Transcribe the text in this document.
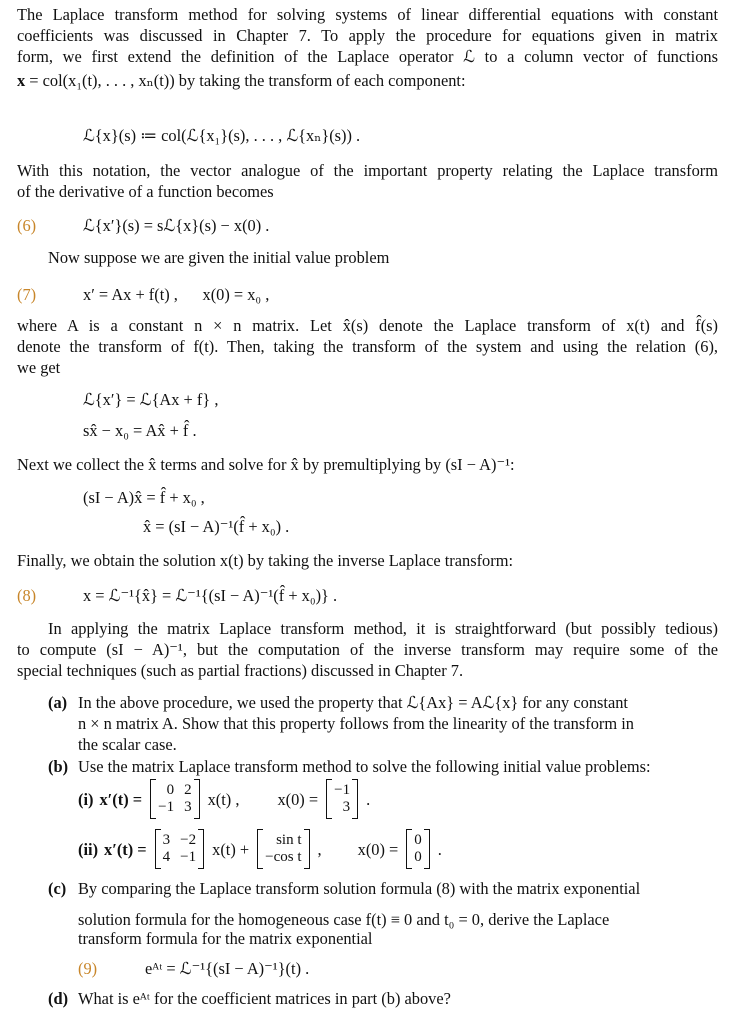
The Laplace transform method for solving systems of linear differential equations with constant
coefficients was discussed in Chapter 7. To apply the procedure for equations given in matrix
form, we first extend the definition of the Laplace operator ℒ to a column vector of functions
x = col(x₁(t), . . . , xₙ(t)) by taking the transform of each component:
ℒ{x}(s) ≔ col(ℒ{x₁}(s), . . . , ℒ{xₙ}(s)) .
With this notation, the vector analogue of the important property relating the Laplace transform
of the derivative of a function becomes
(6)	ℒ{x′}(s) = sℒ{x}(s) − x(0) .
Now suppose we are given the initial value problem
(7)	x′ = Ax + f(t) ,      x(0) = x₀ ,
where A is a constant n × n matrix. Let x̂(s) denote the Laplace transform of x(t) and f̂(s)
denote the transform of f(t). Then, taking the transform of the system and using the relation (6),
we get
ℒ{x′} = ℒ{Ax + f} ,
sx̂ − x₀ = Ax̂ + f̂ .
Next we collect the x̂ terms and solve for x̂ by premultiplying by (sI − A)⁻¹:
(sI − A)x̂ = f̂ + x₀ ,
x̂ = (sI − A)⁻¹(f̂ + x₀) .
Finally, we obtain the solution x(t) by taking the inverse Laplace transform:
(8)	x = ℒ⁻¹{x̂} = ℒ⁻¹{(sI − A)⁻¹(f̂ + x₀)} .
In applying the matrix Laplace transform method, it is straightforward (but possibly tedious)
to compute (sI − A)⁻¹, but the computation of the inverse transform may require some of the
special techniques (such as partial fractions) discussed in Chapter 7.
(a) In the above procedure, we used the property that ℒ{Ax} = Aℒ{x} for any constant
n × n matrix A. Show that this property follows from the linearity of the transform in
the scalar case.
(b) Use the matrix Laplace transform method to solve the following initial value problems:
(i) x′(t) =	0 2
−1 3 x(t) , x(0) = −1
3 .
(ii) x′(t) = 3 −2
4 −1 x(t) +	sin t
−cos t , x(0) = 0
0 .
(c) By comparing the Laplace transform solution formula (8) with the matrix exponential
solution formula for the homogeneous case f(t) ≡ 0 and t₀ = 0, derive the Laplace
transform formula for the matrix exponential
(9)	eᴬᵗ = ℒ⁻¹{(sI − A)⁻¹}(t) .
(d) What is eᴬᵗ for the coefficient matrices in part (b) above?
